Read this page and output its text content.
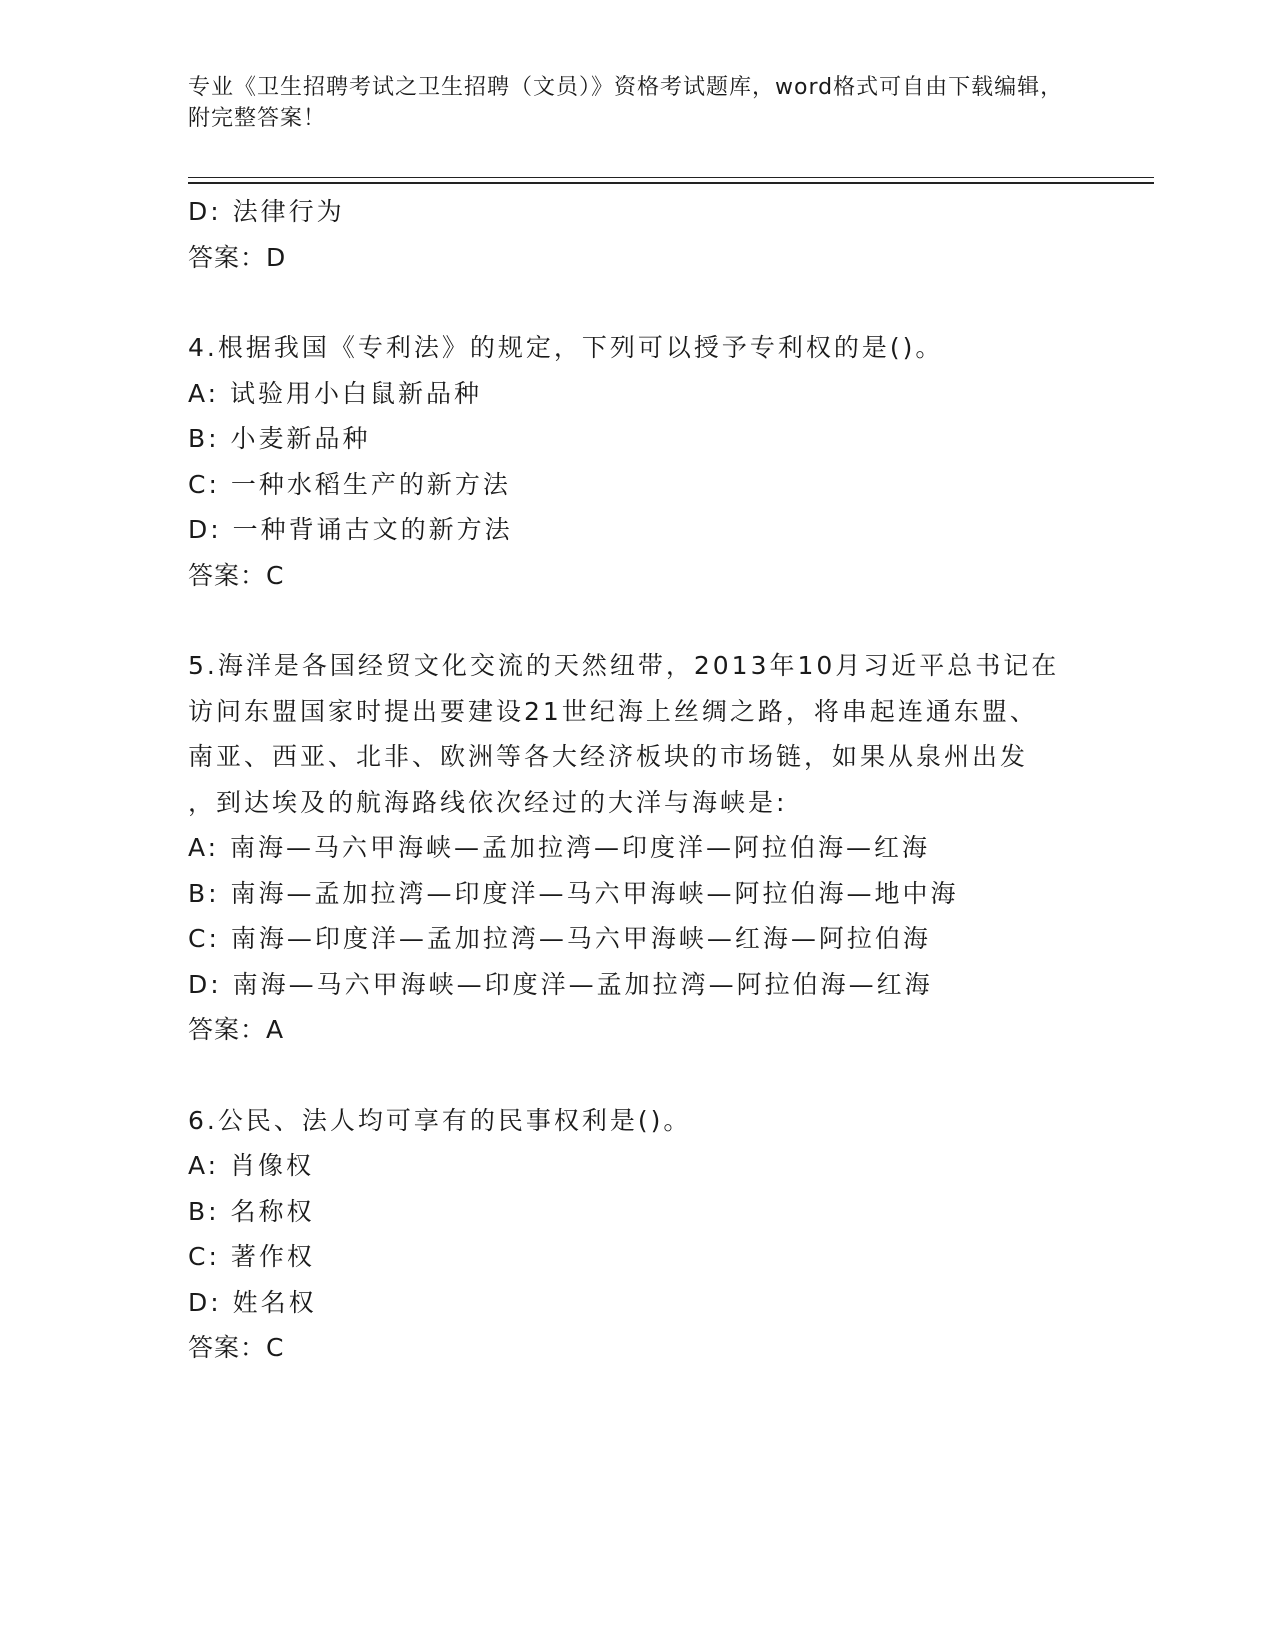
专业《卫生招聘考试之卫生招聘（文员）》资格考试题库，word格式可自由下载编辑，附完整答案！
D: 法律行为
答案：D
4.根据我国《专利法》的规定，下列可以授予专利权的是()。
A: 试验用小白鼠新品种
B: 小麦新品种
C: 一种水稻生产的新方法
D: 一种背诵古文的新方法
答案：C
5.海洋是各国经贸文化交流的天然纽带，2013年10月习近平总书记在
访问东盟国家时提出要建设21世纪海上丝绸之路，将串起连通东盟、
南亚、西亚、北非、欧洲等各大经济板块的市场链，如果从泉州出发
，到达埃及的航海路线依次经过的大洋与海峡是:
A: 南海—马六甲海峡—孟加拉湾—印度洋—阿拉伯海—红海
B: 南海—孟加拉湾—印度洋—马六甲海峡—阿拉伯海—地中海
C: 南海—印度洋—孟加拉湾—马六甲海峡—红海—阿拉伯海
D: 南海—马六甲海峡—印度洋—孟加拉湾—阿拉伯海—红海
答案：A
6.公民、法人均可享有的民事权利是()。
A: 肖像权
B: 名称权
C: 著作权
D: 姓名权
答案：C
